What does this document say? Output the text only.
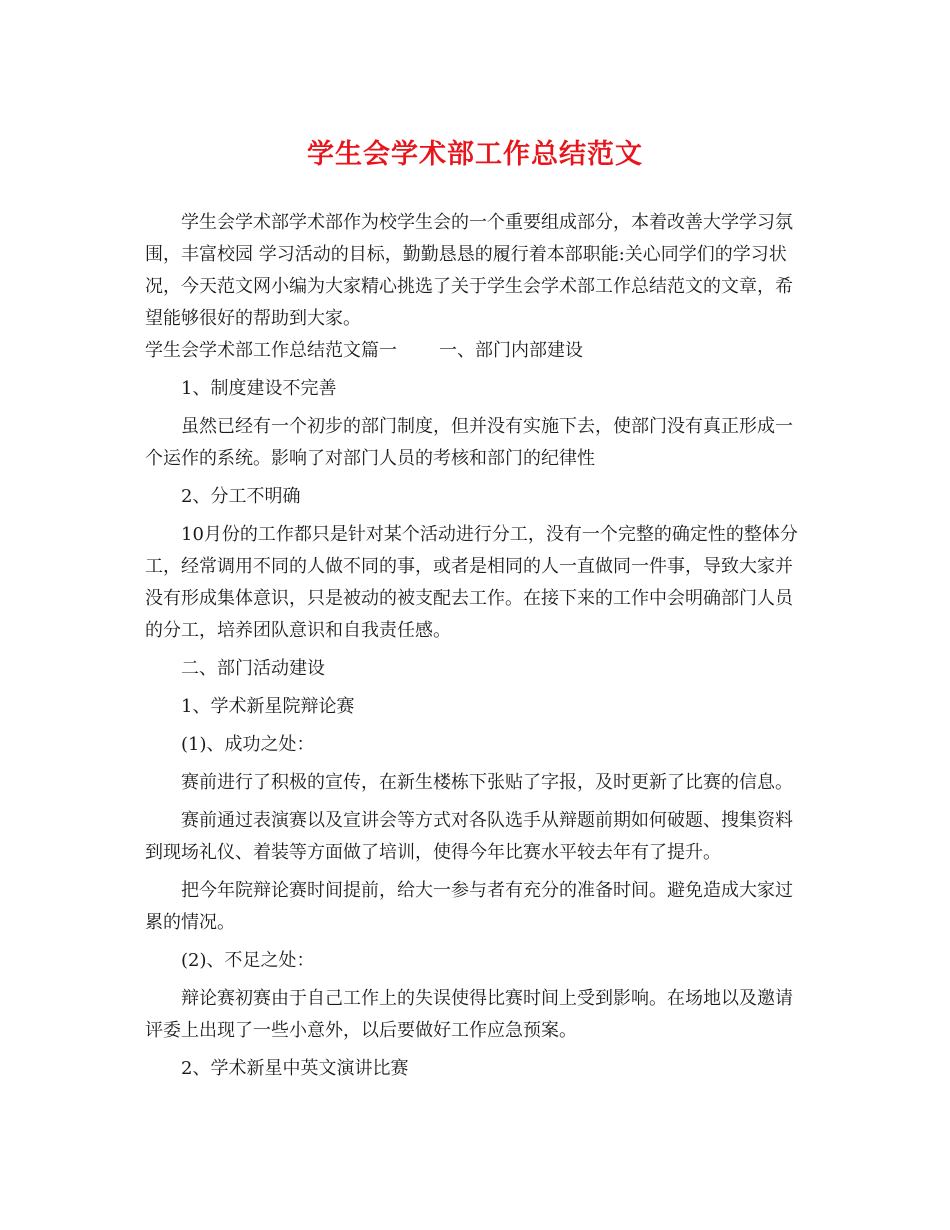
学生会学术部工作总结范文

学生会学术部学术部作为校学生会的一个重要组成部分，本着改善大学学习氛围，丰富校园 学习活动的目标，勤勤恳恳的履行着本部职能:关心同学们的学习状况，今天范文网小编为大家精心挑选了关于学生会学术部工作总结范文的文章，希望能够很好的帮助到大家。

学生会学术部工作总结范文篇一 一、部门内部建设

1、制度建设不完善

虽然已经有一个初步的部门制度，但并没有实施下去，使部门没有真正形成一个运作的系统。影响了对部门人员的考核和部门的纪律性

2、分工不明确

10月份的工作都只是针对某个活动进行分工，没有一个完整的确定性的整体分工，经常调用不同的人做不同的事，或者是相同的人一直做同一件事，导致大家并没有形成集体意识，只是被动的被支配去工作。在接下来的工作中会明确部门人员的分工，培养团队意识和自我责任感。

二、部门活动建设

1、学术新星院辩论赛

(1)、成功之处：

赛前进行了积极的宣传，在新生楼栋下张贴了字报，及时更新了比赛的信息。

赛前通过表演赛以及宣讲会等方式对各队选手从辩题前期如何破题、搜集资料到现场礼仪、着装等方面做了培训，使得今年比赛水平较去年有了提升。

把今年院辩论赛时间提前，给大一参与者有充分的准备时间。避免造成大家过累的情况。

(2)、不足之处：

辩论赛初赛由于自己工作上的失误使得比赛时间上受到影响。在场地以及邀请评委上出现了一些小意外，以后要做好工作应急预案。

2、学术新星中英文演讲比赛
